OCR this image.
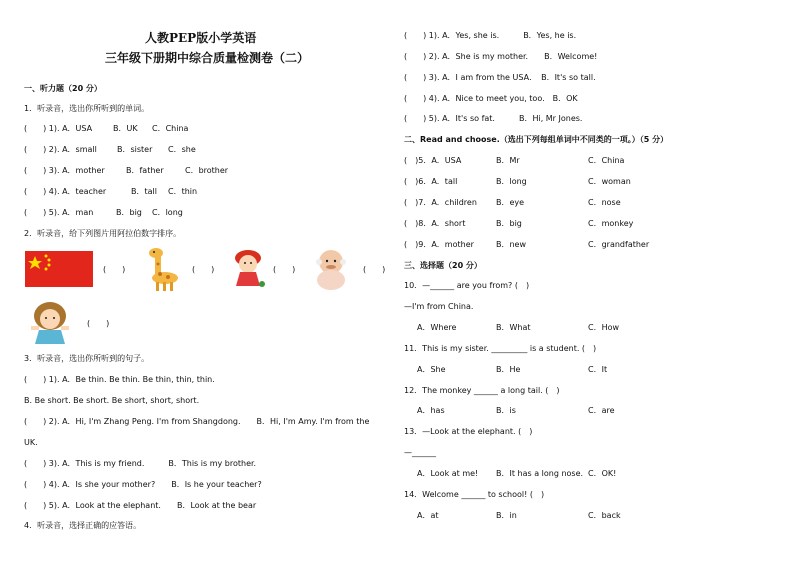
人教PEP版小学英语
三年级下册期中综合质量检测卷（二）
一、听力题（20 分）
1．听录音，选出你所听到的单词。
(　　) 1). A．USA	B．UK C．China
(　　) 2). A．small	B．sister C．she
(　　) 3). A．mother	B．father	C．brother
(　　) 4). A．teacher	B．tall C．thin
(　　) 5). A．man	B．big C．long
2．听录音，给下列图片用阿拉伯数字排序。
(　　)	(　　)	(　　)	(　　)
(　　)
3．听录音，选出你所听到的句子。
(　　) 1). A．Be thin. Be thin. Be thin, thin, thin.
B. Be short. Be short. Be short, short, short.
(　　) 2). A．Hi, I'm Zhang Peng. I'm from Shangdong.　　B．Hi, I'm Amy. I'm from the
UK.
(　　) 3). A．This is my friend.　　　B．This is my brother.
(　　) 4). A．Is she your mother?　　B．Is he your teacher?
(　　) 5). A．Look at the elephant.　　B．Look at the bear
4．听录音，选择正确的应答语。
(　　) 1). A．Yes, she is.　　　B．Yes, he is.
(　　) 2). A．She is my mother.　　B．Welcome!
(　　) 3). A．I am from the USA．　B．It's so tall.
(　　) 4). A．Nice to meet you, too.　B．OK
(　　) 5). A．It's so fat.　　　B．Hi, Mr Jones.
二、Read and choose.（选出下列每组单词中不同类的一项。）（5 分）
(　)5．A．USA	B．Mr	C．China
(　)6．A．tall	B．long	C．woman
(　)7．A．children B．eye	C．nose
(　)8．A．short	B．big	C．monkey
(　)9．A．mother	B．new	C．grandfather
三、选择题（20 分）
10．—______ are you from? (　)
—I'm from China.
A．Where	B．What	C．How
11．This is my sister. _________ is a student. (　)
A．She	B．He	C．It
12．The monkey ______ a long tail. (　)
A．has	B．is	C．are
13．—Look at the elephant. (　)
—______
A．Look at me! B．It has a long nose. C．OK!
14．Welcome ______ to school! (　)
A．at	B．in	C．back
